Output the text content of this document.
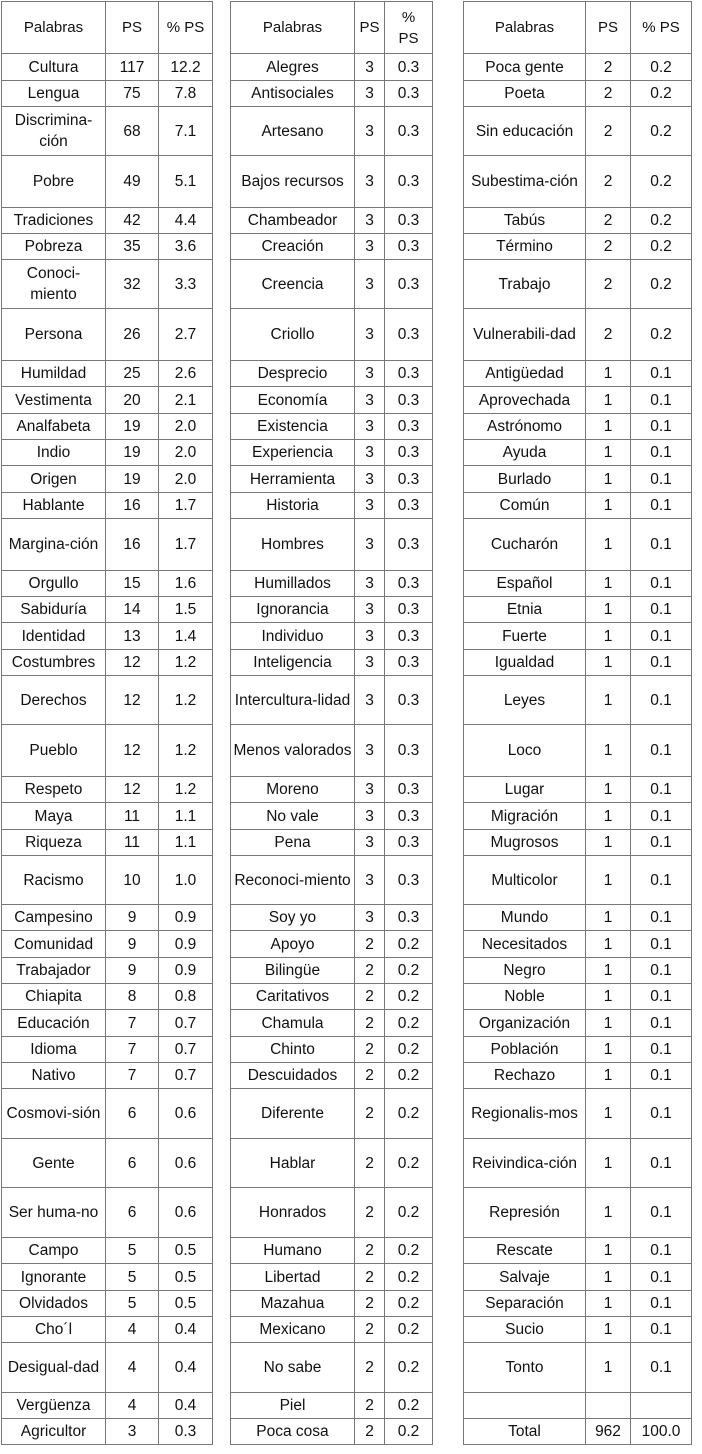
Palabras	PS	% PS
Cultura	117	12.2
Lengua	75	7.8
Discrimina-ción	68	7.1
Pobre	49	5.1
Tradiciones	42	4.4
Pobreza	35	3.6
Conoci-miento	32	3.3
Persona	26	2.7
Humildad	25	2.6
Vestimenta	20	2.1
Analfabeta	19	2.0
Indio	19	2.0
Origen	19	2.0
Hablante	16	1.7
Margina-ción	16	1.7
Orgullo	15	1.6
Sabiduría	14	1.5
Identidad	13	1.4
Costumbres	12	1.2
Derechos	12	1.2
Pueblo	12	1.2
Respeto	12	1.2
Maya	11	1.1
Riqueza	11	1.1
Racismo	10	1.0
Campesino	9	0.9
Comunidad	9	0.9
Trabajador	9	0.9
Chiapita	8	0.8
Educación	7	0.7
Idioma	7	0.7
Nativo	7	0.7
Cosmovi-sión	6	0.6
Gente	6	0.6
Ser huma-no	6	0.6
Campo	5	0.5
Ignorante	5	0.5
Olvidados	5	0.5
Cho´l	4	0.4
Desigual-dad	4	0.4
Vergüenza	4	0.4
Agricultor	3	0.3
Palabras	PS	% PS
Alegres	3	0.3
Antisociales	3	0.3
Artesano	3	0.3
Bajos recursos	3	0.3
Chambeador	3	0.3
Creación	3	0.3
Creencia	3	0.3
Criollo	3	0.3
Desprecio	3	0.3
Economía	3	0.3
Existencia	3	0.3
Experiencia	3	0.3
Herramienta	3	0.3
Historia	3	0.3
Hombres	3	0.3
Humillados	3	0.3
Ignorancia	3	0.3
Individuo	3	0.3
Inteligencia	3	0.3
Intercultura-lidad	3	0.3
Menos valorados	3	0.3
Moreno	3	0.3
No vale	3	0.3
Pena	3	0.3
Reconoci-miento	3	0.3
Soy yo	3	0.3
Apoyo	2	0.2
Bilingüe	2	0.2
Caritativos	2	0.2
Chamula	2	0.2
Chinto	2	0.2
Descuidados	2	0.2
Diferente	2	0.2
Hablar	2	0.2
Honrados	2	0.2
Humano	2	0.2
Libertad	2	0.2
Mazahua	2	0.2
Mexicano	2	0.2
No sabe	2	0.2
Piel	2	0.2
Poca cosa	2	0.2
Palabras	PS	% PS
Poca gente	2	0.2
Poeta	2	0.2
Sin educación	2	0.2
Subestima-ción	2	0.2
Tabús	2	0.2
Término	2	0.2
Trabajo	2	0.2
Vulnerabili-dad	2	0.2
Antigüedad	1	0.1
Aprovechada	1	0.1
Astrónomo	1	0.1
Ayuda	1	0.1
Burlado	1	0.1
Común	1	0.1
Cucharón	1	0.1
Español	1	0.1
Etnia	1	0.1
Fuerte	1	0.1
Igualdad	1	0.1
Leyes	1	0.1
Loco	1	0.1
Lugar	1	0.1
Migración	1	0.1
Mugrosos	1	0.1
Multicolor	1	0.1
Mundo	1	0.1
Necesitados	1	0.1
Negro	1	0.1
Noble	1	0.1
Organización	1	0.1
Población	1	0.1
Rechazo	1	0.1
Regionalis-mos	1	0.1
Reivindica-ción	1	0.1
Represión	1	0.1
Rescate	1	0.1
Salvaje	1	0.1
Separación	1	0.1
Sucio	1	0.1
Tonto	1	0.1

Total	962	100.0
